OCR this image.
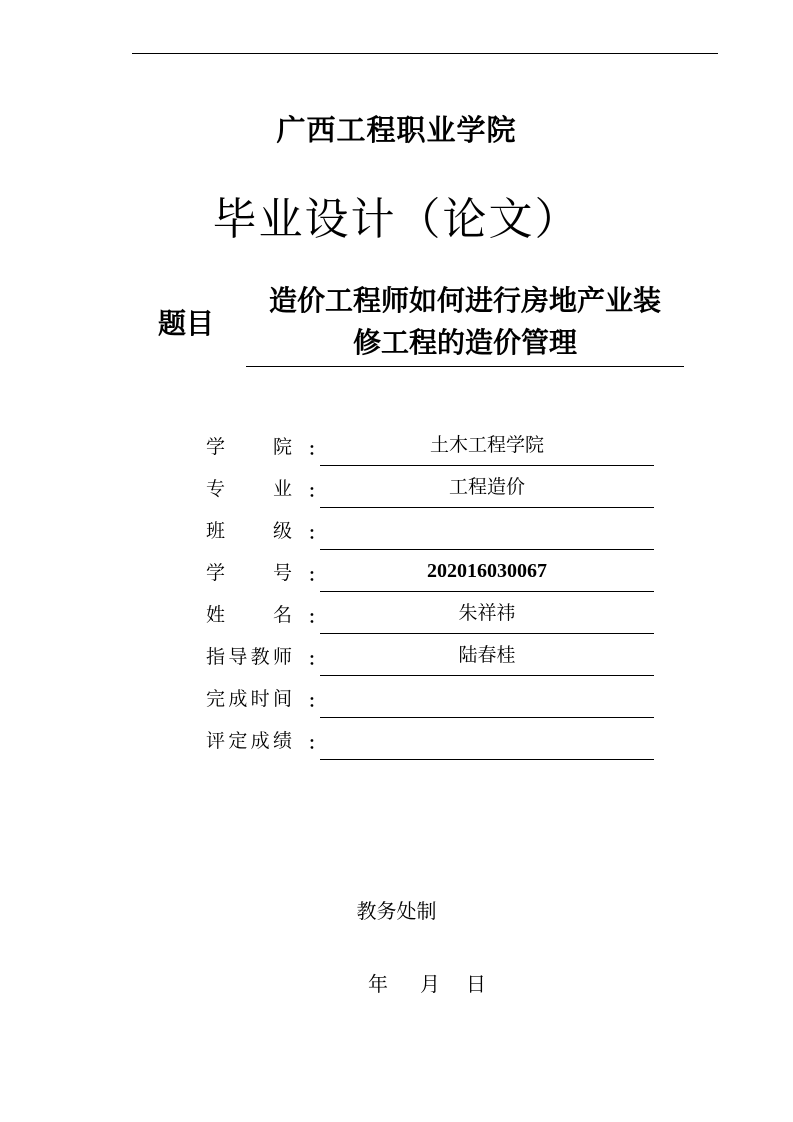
广西工程职业学院
毕业设计（论文）
题目
造价工程师如何进行房地产业装
修工程的造价管理
学　院 ：	土木工程学院
专　业 ：	工程造价
班　级 ：
学　号 ：	202016030067
姓　名 ：	朱祥祎
指导教师 ：	陆春桂
完成时间 ：
评定成绩 ：
教务处制
年 月 日
